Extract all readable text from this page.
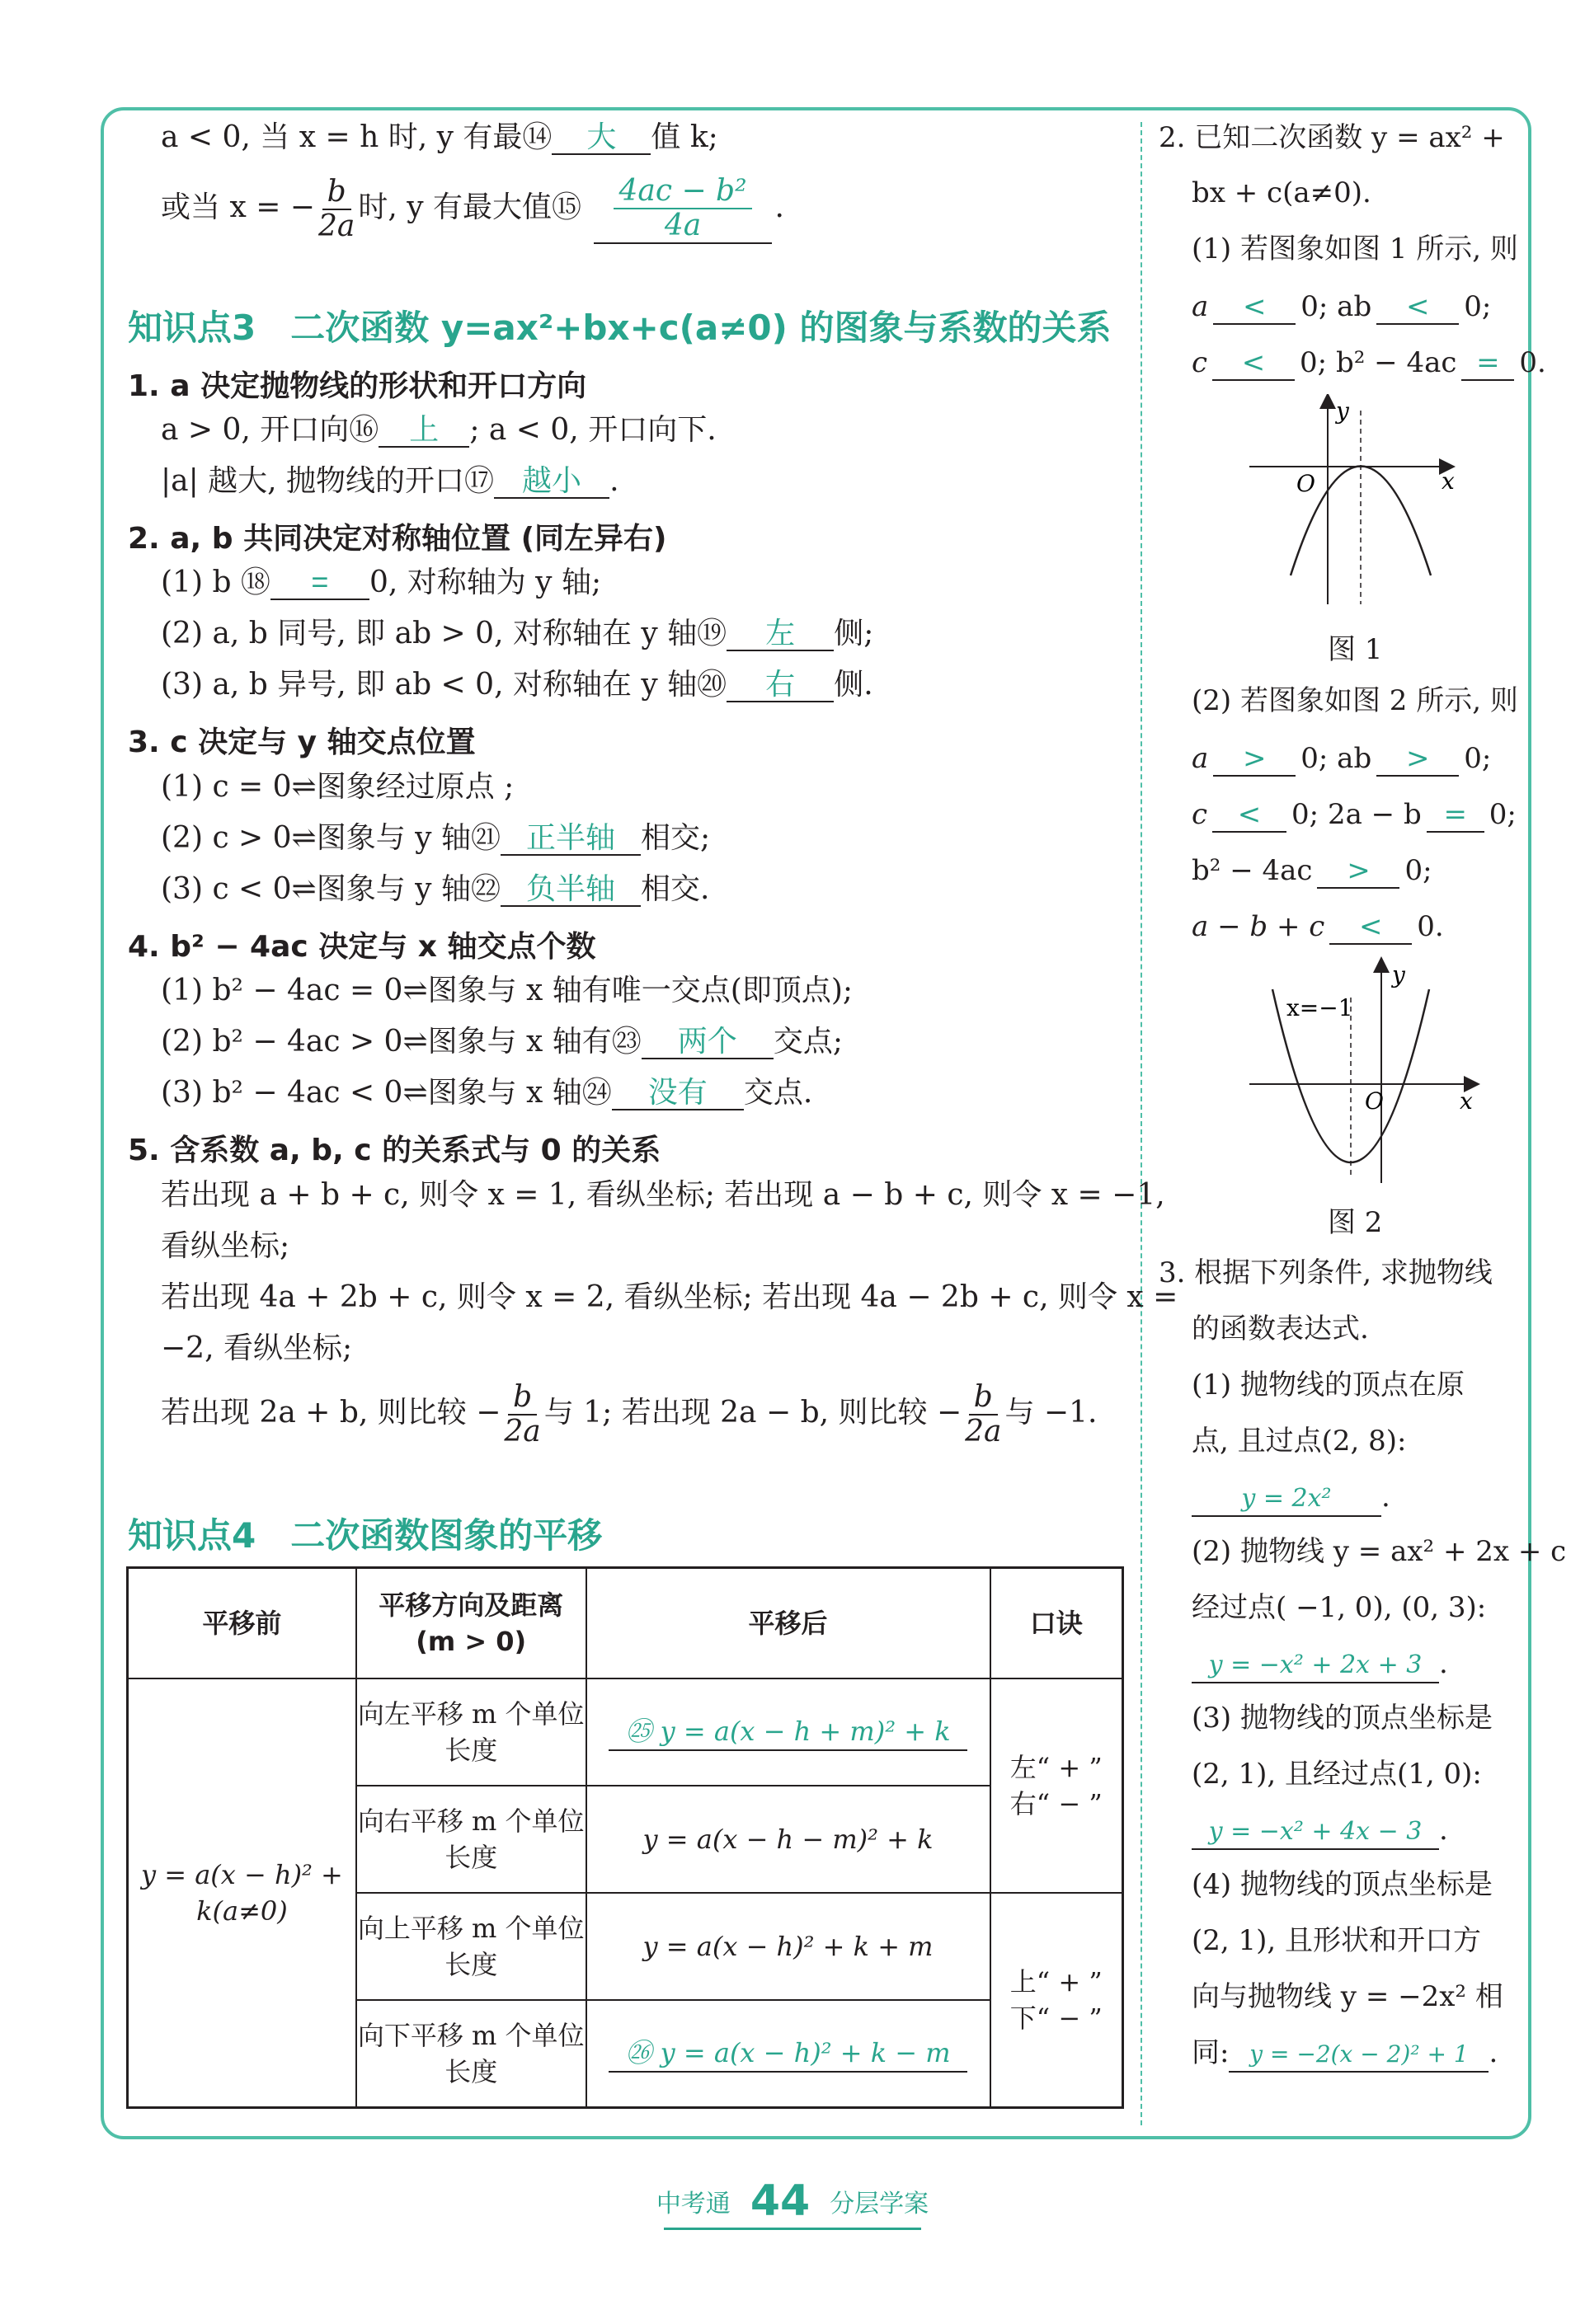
a < 0, 当 x = h 时, y 有最⑭ 大 值 k;
或当 x = − $\frac{b}{2a}$ 时, y 有最大值⑮ $\frac{\text{4ac − b²}}{4a}$ .
知识点3　二次函数 y=ax²+bx+c(a≠0) 的图象与系数的关系
1. a 决定抛物线的形状和开口方向
a > 0, 开口向⑯ 上 ; a < 0, 开口向下.
|a| 越大, 抛物线的开口⑰ 越小 .
2. a, b 共同决定对称轴位置 (同左异右)
(1) b ⑱ = 0, 对称轴为 y 轴;
(2) a, b 同号, 即 ab > 0, 对称轴在 y 轴⑲ 左 侧;
(3) a, b 异号, 即 ab < 0, 对称轴在 y 轴⑳ 右 侧.
3. c 决定与 y 轴交点位置
(1) c = 0⇌图象经过原点 ;
(2) c > 0⇌图象与 y 轴㉑ 正半轴 相交;
(3) c < 0⇌图象与 y 轴㉒ 负半轴 相交.
4. b² − 4ac 决定与 x 轴交点个数
(1) b² − 4ac = 0⇌图象与 x 轴有唯一交点(即顶点);
(2) b² − 4ac > 0⇌图象与 x 轴有㉓ 两个 交点;
(3) b² − 4ac < 0⇌图象与 x 轴㉔ 没有 交点.
5. 含系数 a, b, c 的关系式与 0 的关系
若出现 a + b + c, 则令 x = 1, 看纵坐标; 若出现 a − b + c, 则令 x = −1,
看纵坐标;
若出现 4a + 2b + c, 则令 x = 2, 看纵坐标; 若出现 4a − 2b + c, 则令 x =
−2, 看纵坐标;
若出现 2a + b, 则比较 − $\frac{b}{2a}$ 与 1; 若出现 2a − b, 则比较 − $\frac{b}{2a}$ 与 −1.
知识点4　二次函数图象的平移
平移前	平移方向及距离 (m > 0)	平移后	口诀
y = a(x − h)² + k(a≠0)	向左平移 m 个单位长度	㉕ y = a(x − h + m)² + k	左“ + ”
右“ − ”

	向右平移 m 个单位长度	y = a(x − h − m)² + k	
	向上平移 m 个单位长度	y = a(x − h)² + k + m	上“ + ”
下“ − ”

	向下平移 m 个单位长度	㉖ y = a(x − h)² + k − m	
2. 已知二次函数 y = ax² +
bx + c(a≠0).
(1) 若图象如图 1 所示, 则
a < 0; ab < 0;
c < 0; b² − 4ac = 0.
y
x
O
图 1
(2) 若图象如图 2 所示, 则
a > 0; ab > 0;
c < 0; 2a − b = 0;
b² − 4ac > 0;
a − b + c < 0.
y
x
O
x=−1
图 2
3. 根据下列条件, 求抛物线
的函数表达式.
(1) 抛物线的顶点在原
点, 且过点(2, 8):
y = 2x² .
(2) 抛物线 y = ax² + 2x + c
经过点( −1, 0), (0, 3):
y = −x² + 2x + 3 .
(3) 抛物线的顶点坐标是
(2, 1), 且经过点(1, 0):
y = −x² + 4x − 3 .
(4) 抛物线的顶点坐标是
(2, 1), 且形状和开口方
向与抛物线 y = −2x² 相
同: y = −2(x − 2)² + 1 .
中考通 44 分层学案
